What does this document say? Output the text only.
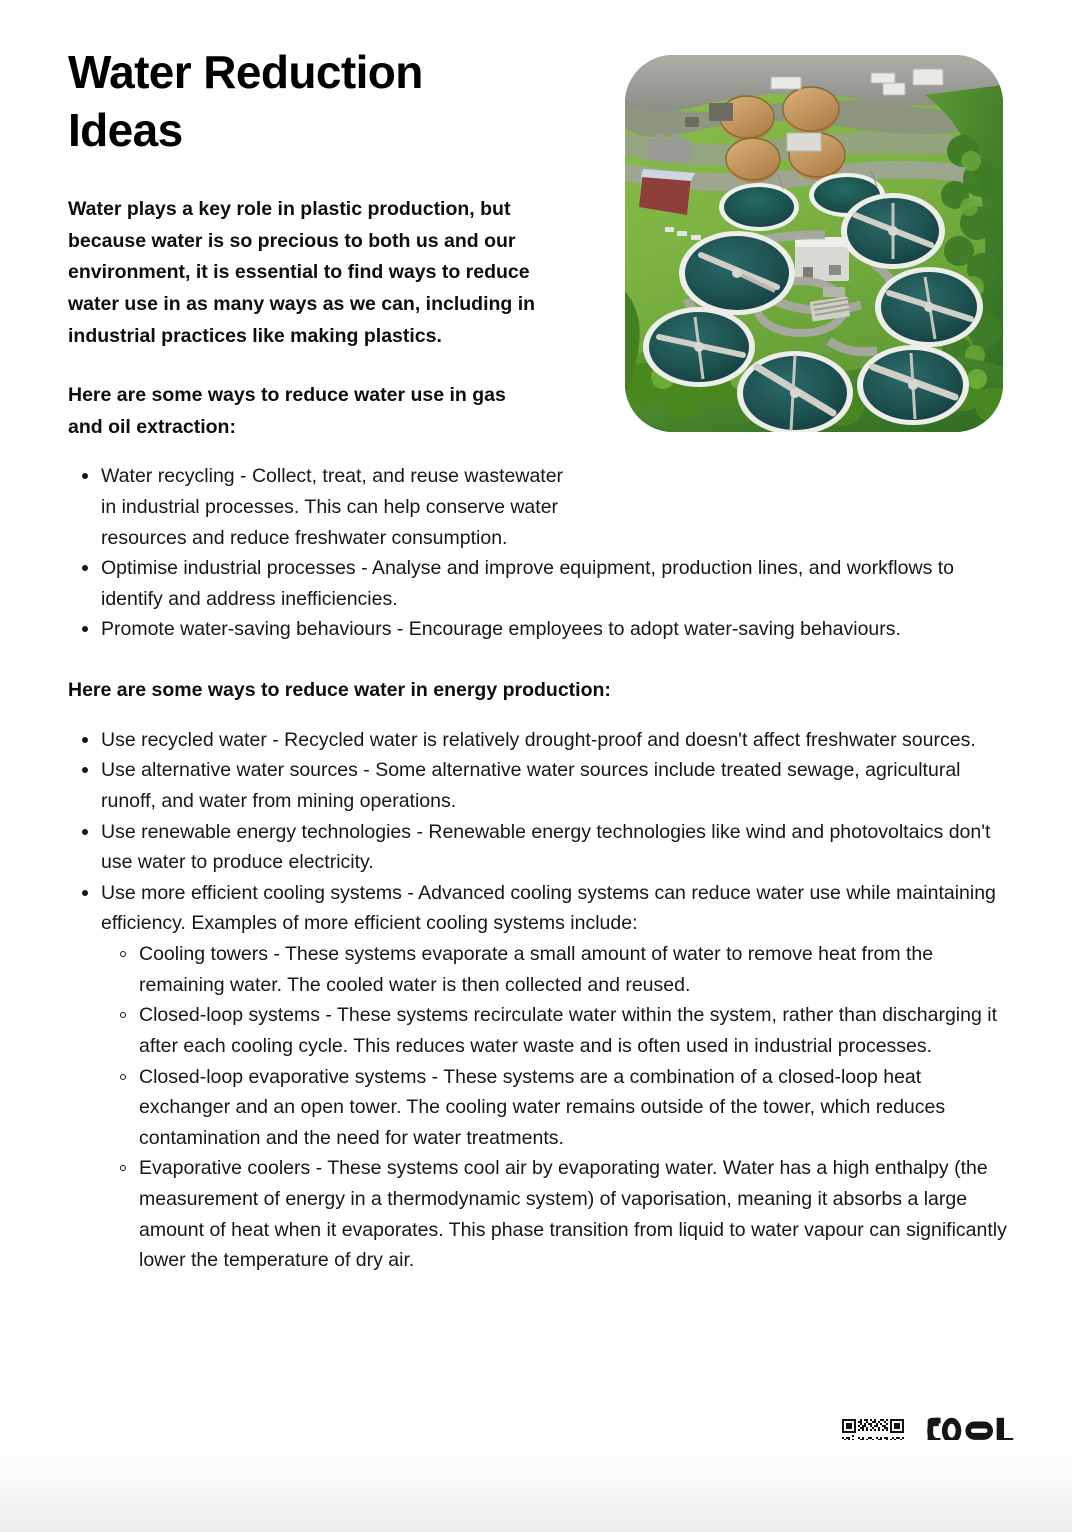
Water Reduction
Ideas

Water plays a key role in plastic production, but because water is so precious to both us and our environment, it is essential to find ways to reduce water use in as many ways as we can, including in industrial practices like making plastics.

Here are some ways to reduce water use in gas and oil extraction:

Water recycling - Collect, treat, and reuse wastewater in industrial processes. This can help conserve water resources and reduce freshwater consumption.
Optimise industrial processes - Analyse and improve equipment, production lines, and workflows to identify and address inefficiencies.
Promote water-saving behaviours - Encourage employees to adopt water-saving behaviours.

Here are some ways to reduce water in energy production:

Use recycled water - Recycled water is relatively drought-proof and doesn't affect freshwater sources.
Use alternative water sources - Some alternative water sources include treated sewage, agricultural runoff, and water from mining operations.
Use renewable energy technologies - Renewable energy technologies like wind and photovoltaics don't use water to produce electricity.
Use more efficient cooling systems - Advanced cooling systems can reduce water use while maintaining efficiency. Examples of more efficient cooling systems include:
Cooling towers - These systems evaporate a small amount of water to remove heat from the remaining water. The cooled water is then collected and reused.
Closed-loop systems - These systems recirculate water within the system, rather than discharging it after each cooling cycle. This reduces water waste and is often used in industrial processes.
Closed-loop evaporative systems - These systems are a combination of a closed-loop heat exchanger and an open tower. The cooling water remains outside of the tower, which reduces contamination and the need for water treatments.
Evaporative coolers - These systems cool air by evaporating water. Water has a high enthalpy (the measurement of energy in a thermodynamic system) of vaporisation, meaning it absorbs a large amount of heat when it evaporates. This phase transition from liquid to water vapour can significantly lower the temperature of dry air.
